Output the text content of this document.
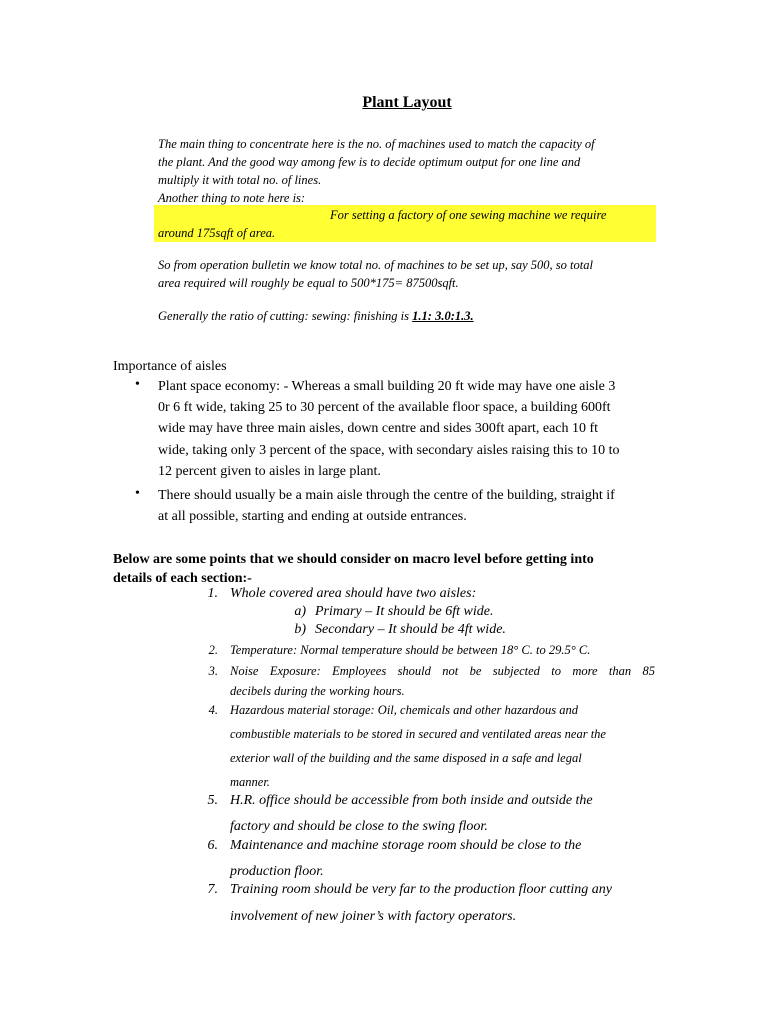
Plant Layout
The main thing to concentrate here is the no. of machines used to match the capacity of
the plant. And the good way among few is to decide optimum output for one line and
multiply it with total no. of lines.
Another thing to note here is:
For setting a factory of one sewing machine we require
around 175sqft of area.
So from operation bulletin we know total no. of machines to be set up, say 500, so total
area required will roughly be equal to 500*175= 87500sqft.
Generally the ratio of cutting: sewing: finishing is 1.1: 3.0:1.3.
Importance of aisles
• Plant space economy: - Whereas a small building 20 ft wide may have one aisle 3
0r 6 ft wide, taking 25 to 30 percent of the available floor space, a building 600ft
wide may have three main aisles, down centre and sides 300ft apart, each 10 ft
wide, taking only 3 percent of the space, with secondary aisles raising this to 10 to
12 percent given to aisles in large plant.
• There should usually be a main aisle through the centre of the building, straight if
at all possible, starting and ending at outside entrances.
Below are some points that we should consider on macro level before getting into
details of each section:-
1. Whole covered area should have two aisles:
a) Primary – It should be 6ft wide.
b) Secondary – It should be 4ft wide.
2. Temperature: Normal temperature should be between 18° C. to 29.5° C.
3. Noise Exposure: Employees should not be subjected to more than 85
decibels during the working hours.
4. Hazardous material storage: Oil, chemicals and other hazardous and
combustible materials to be stored in secured and ventilated areas near the
exterior wall of the building and the same disposed in a safe and legal
manner.
5. H.R. office should be accessible from both inside and outside the
factory and should be close to the swing floor.
6. Maintenance and machine storage room should be close to the
production floor.
7. Training room should be very far to the production floor cutting any
involvement of new joiner’s with factory operators.
